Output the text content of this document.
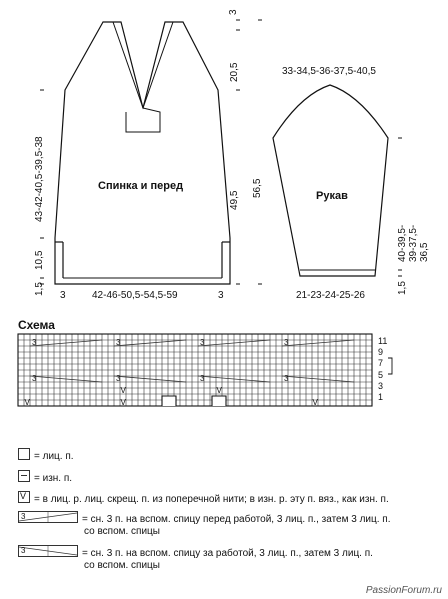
Спинка и перед
Рукав
3
20,5
49,5
56,5
43-42-40,5-39,5-38
10,5
1,5 3	42-46-50,5-54,5-59	3
33-34,5-36-37,5-40,5
40-39,5-39-37,5-36,5
1,5
21-23-24-25-26
Схема
3	3	3	3
3	3	3	3
V	V
V	V
V
11
9
7
5
3
1
= лиц. п.
= изн. п.
V = в лиц. р. лиц. скрещ. п. из поперечной нити; в изн. р. эту п. вяз., как изн. п.
3	= сн. 3 п. на вспом. спицу перед работой, 3 лиц. п., затем 3 лиц. п.
со вспом. спицы
3	= сн. 3 п. на вспом. спицу за работой, 3 лиц. п., затем 3 лиц. п.
со вспом. спицы
PassionForum.ru
